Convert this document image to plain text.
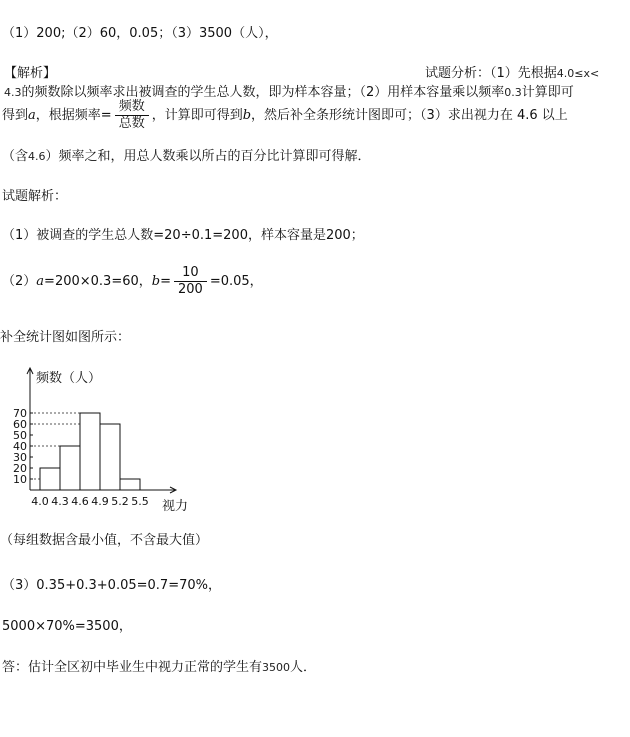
（1）200;（2）60，0.05；（3）3500（人），
【解析】	试题分析：（1）先根据4.0≤x<
4.3的频数除以频率求出被调查的学生总人数，即为样本容量；（2）用样本容量乘以频率0.3计算即可
得到a，根据频率= $\frac{\text{频数}}{\text{总数}}$ ，计算即可得到b，然后补全条形统计图即可；（3）求出视力在 4.6 以上
（含4.6）频率之和，用总人数乘以所占的百分比计算即可得解．
试题解析：
（1）被调查的学生总人数=20÷0.1=200，样本容量是200；
（2）a=200×0.3=60，$b= \frac{10}{200} =0.05$，
补全统计图如图所示：
10
20
30
40
50
60
70
4.0 4.3 4.6 4.9 5.2 5.5
频数（人）
视力
（每组数据含最小值，不含最大值）
（3）0.35+0.3+0.05=0.7=70%，
5000×70%=3500，
答：估计全区初中毕业生中视力正常的学生有3500人．
